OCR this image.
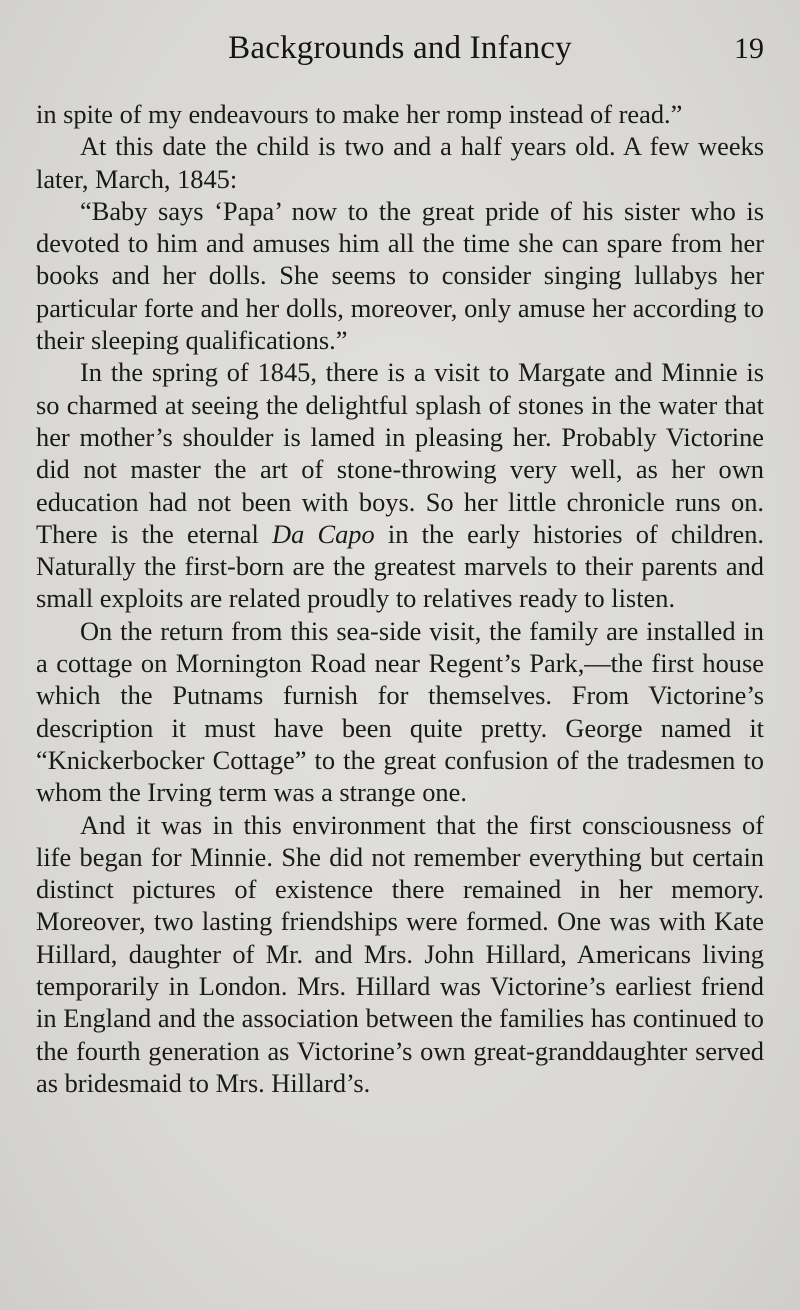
Backgrounds and Infancy	19

in spite of my endeavours to make her romp instead of read.”

At this date the child is two and a half years old. A few weeks later, March, 1845:

“Baby says ‘Papa’ now to the great pride of his sister who is devoted to him and amuses him all the time she can spare from her books and her dolls. She seems to consider singing lullabys her particular forte and her dolls, moreover, only amuse her according to their sleeping qualifications.”

In the spring of 1845, there is a visit to Margate and Minnie is so charmed at seeing the delightful splash of stones in the water that her mother’s shoulder is lamed in pleasing her. Probably Victorine did not master the art of stone-throwing very well, as her own education had not been with boys. So her little chronicle runs on. There is the eternal Da Capo in the early histories of children. Naturally the first-born are the greatest marvels to their parents and small exploits are related proudly to relatives ready to listen.

On the return from this sea-side visit, the family are installed in a cottage on Mornington Road near Regent’s Park,—the first house which the Putnams furnish for themselves. From Victorine’s description it must have been quite pretty. George named it “Knickerbocker Cottage” to the great confusion of the tradesmen to whom the Irving term was a strange one.

And it was in this environment that the first consciousness of life began for Minnie. She did not remember everything but certain distinct pictures of existence there remained in her memory. Moreover, two lasting friendships were formed. One was with Kate Hillard, daughter of Mr. and Mrs. John Hillard, Americans living temporarily in London. Mrs. Hillard was Victorine’s earliest friend in England and the association between the families has continued to the fourth generation as Victorine’s own great-granddaughter served as bridesmaid to Mrs. Hillard’s.
